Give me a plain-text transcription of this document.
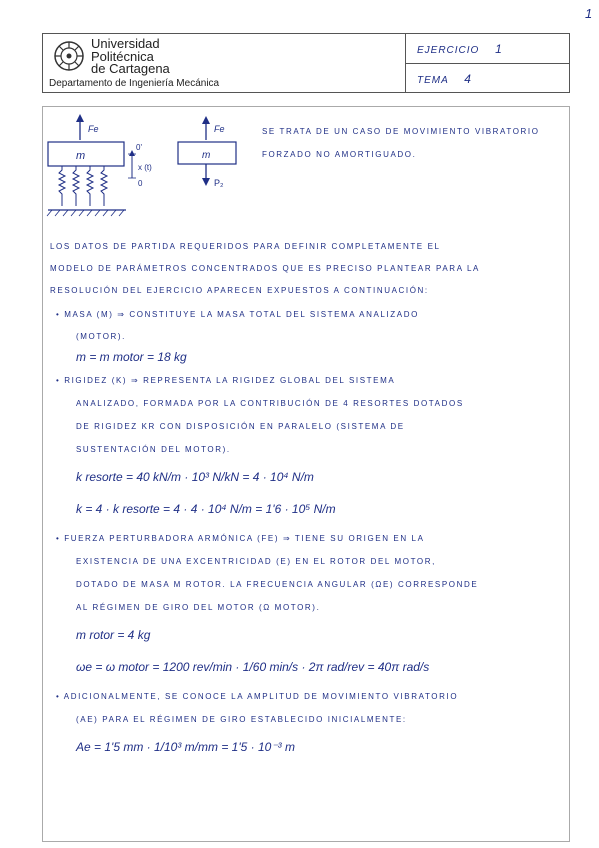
1
Universidad
Politécnica
de Cartagena
Departamento de Ingeniería Mecánica
EJERCICIO 1
TEMA 4
Fe
m
0'
x (t)
0
Fe
m
P₂
SE TRATA DE UN CASO DE MOVIMIENTO VIBRATORIO
FORZADO NO AMORTIGUADO.
LOS DATOS DE PARTIDA REQUERIDOS PARA DEFINIR COMPLETAMENTE EL
MODELO DE PARÁMETROS CONCENTRADOS QUE ES PRECISO PLANTEAR PARA LA
RESOLUCIÓN DEL EJERCICIO APARECEN EXPUESTOS A CONTINUACIÓN:
• MASA (M) ⇒ CONSTITUYE LA MASA TOTAL DEL SISTEMA ANALIZADO
(MOTOR).
m = m motor = 18 kg
• RIGIDEZ (K) ⇒ REPRESENTA LA RIGIDEZ GLOBAL DEL SISTEMA
ANALIZADO, FORMADA POR LA CONTRIBUCIÓN DE 4 RESORTES DOTADOS
DE RIGIDEZ KR CON DISPOSICIÓN EN PARALELO (SISTEMA DE
SUSTENTACIÓN DEL MOTOR).
k resorte = 40 kN/m · 10³ N/kN = 4 · 10⁴ N/m
k = 4 · k resorte = 4 · 4 · 10⁴ N/m = 1'6 · 10⁵ N/m
• FUERZA PERTURBADORA ARMÓNICA (FE) ⇒ TIENE SU ORIGEN EN LA
EXISTENCIA DE UNA EXCENTRICIDAD (E) EN EL ROTOR DEL MOTOR,
DOTADO DE MASA M ROTOR. LA FRECUENCIA ANGULAR (ΩE) CORRESPONDE
AL RÉGIMEN DE GIRO DEL MOTOR (Ω MOTOR).
m rotor = 4 kg
ωe = ω motor = 1200 rev/min · 1/60 min/s · 2π rad/rev = 40π rad/s
• ADICIONALMENTE, SE CONOCE LA AMPLITUD DE MOVIMIENTO VIBRATORIO
(AE) PARA EL RÉGIMEN DE GIRO ESTABLECIDO INICIALMENTE:
Ae = 1'5 mm · 1/10³ m/mm = 1'5 · 10⁻³ m
